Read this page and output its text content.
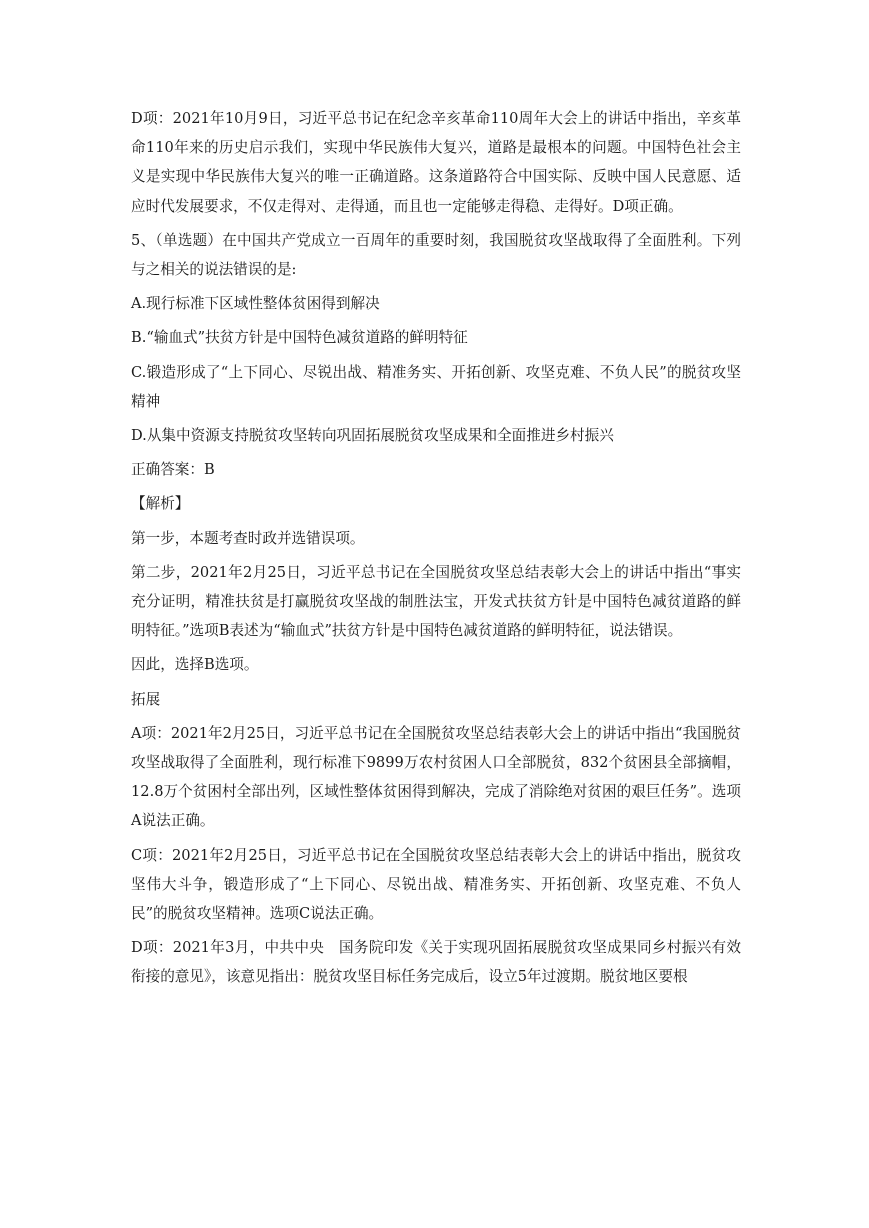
D项：2021年10月9日，习近平总书记在纪念辛亥革命110周年大会上的讲话中指出，辛亥革命110年来的历史启示我们，实现中华民族伟大复兴，道路是最根本的问题。中国特色社会主义是实现中华民族伟大复兴的唯一正确道路。这条道路符合中国实际、反映中国人民意愿、适应时代发展要求，不仅走得对、走得通，而且也一定能够走得稳、走得好。D项正确。

5、（单选题）在中国共产党成立一百周年的重要时刻，我国脱贫攻坚战取得了全面胜利。下列与之相关的说法错误的是:

A.现行标准下区域性整体贫困得到解决

B.“输血式”扶贫方针是中国特色减贫道路的鲜明特征

C.锻造形成了“上下同心、尽锐出战、精准务实、开拓创新、攻坚克难、不负人民”的脱贫攻坚精神

D.从集中资源支持脱贫攻坚转向巩固拓展脱贫攻坚成果和全面推进乡村振兴

正确答案：B

【解析】

第一步，本题考查时政并选错误项。

第二步，2021年2月25日，习近平总书记在全国脱贫攻坚总结表彰大会上的讲话中指出“事实充分证明，精准扶贫是打赢脱贫攻坚战的制胜法宝，开发式扶贫方针是中国特色减贫道路的鲜明特征。”选项B表述为“输血式”扶贫方针是中国特色减贫道路的鲜明特征，说法错误。

因此，选择B选项。

拓展

A项：2021年2月25日，习近平总书记在全国脱贫攻坚总结表彰大会上的讲话中指出“我国脱贫攻坚战取得了全面胜利，现行标准下9899万农村贫困人口全部脱贫，832个贫困县全部摘帽，12.8万个贫困村全部出列，区域性整体贫困得到解决，完成了消除绝对贫困的艰巨任务”。选项A说法正确。

C项：2021年2月25日，习近平总书记在全国脱贫攻坚总结表彰大会上的讲话中指出，脱贫攻坚伟大斗争，锻造形成了“上下同心、尽锐出战、精准务实、开拓创新、攻坚克难、不负人民”的脱贫攻坚精神。选项C说法正确。

D项：2021年3月，中共中央　国务院印发《关于实现巩固拓展脱贫攻坚成果同乡村振兴有效衔接的意见》，该意见指出：脱贫攻坚目标任务完成后，设立5年过渡期。脱贫地区要根
